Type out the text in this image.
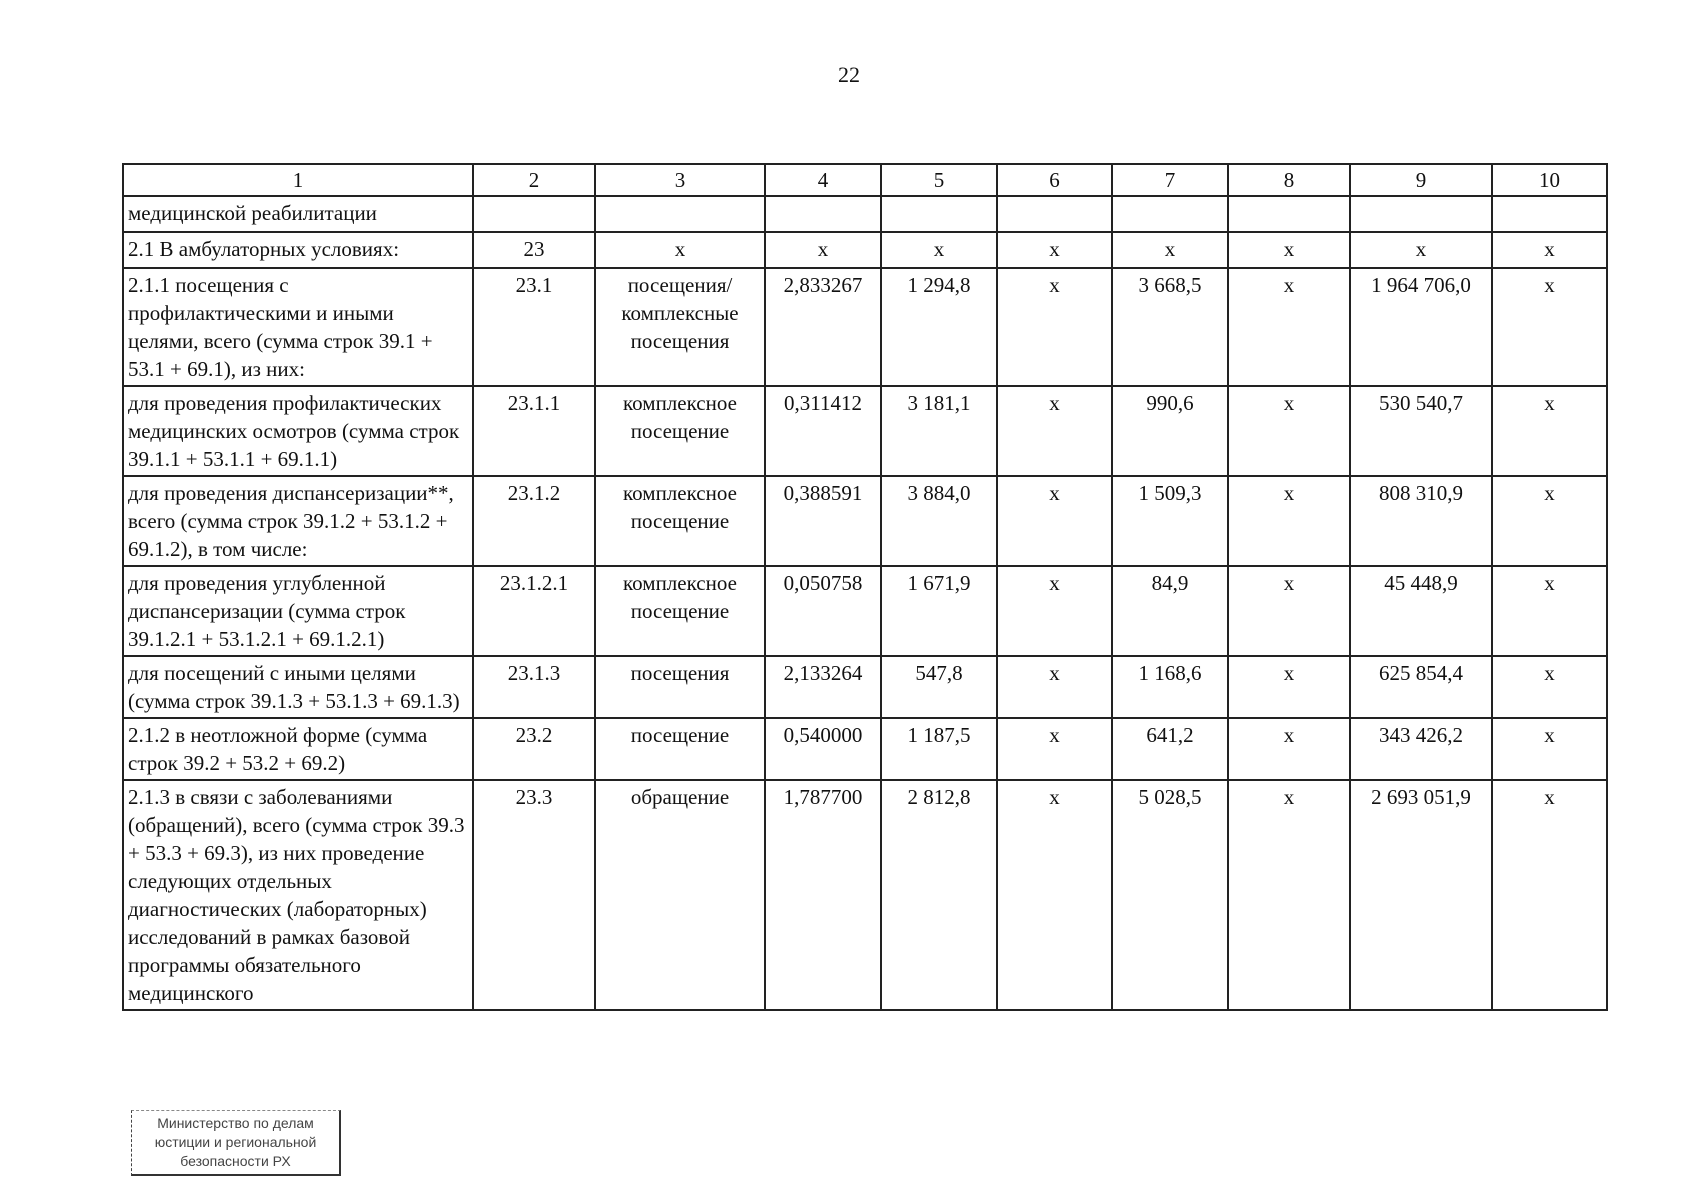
22
1	2	3	4	5	6	7	8	9	10
медицинской реабилитации									
2.1 В амбулаторных условиях:	23	х	х	х	х	х	х	х	х
2.1.1 посещения с профилактическими и иными целями, всего (сумма строк 39.1 + 53.1 + 69.1), из них:	23.1	посещения/ комплексные посещения	2,833267	1 294,8	х	3 668,5	х	1 964 706,0	х
для проведения профилактических медицинских осмотров (сумма строк 39.1.1 + 53.1.1 + 69.1.1)	23.1.1	комплексное посещение	0,311412	3 181,1	х	990,6	х	530 540,7	х
для проведения диспансеризации**, всего (сумма строк 39.1.2 + 53.1.2 + 69.1.2), в том числе:	23.1.2	комплексное посещение	0,388591	3 884,0	х	1 509,3	х	808 310,9	х
для проведения углубленной диспансеризации (сумма строк 39.1.2.1 + 53.1.2.1 + 69.1.2.1)	23.1.2.1	комплексное посещение	0,050758	1 671,9	х	84,9	х	45 448,9	х
для посещений с иными целями (сумма строк 39.1.3 + 53.1.3 + 69.1.3)	23.1.3	посещения	2,133264	547,8	х	1 168,6	х	625 854,4	х
2.1.2 в неотложной форме (сумма строк 39.2 + 53.2 + 69.2)	23.2	посещение	0,540000	1 187,5	х	641,2	х	343 426,2	х
2.1.3 в связи с заболеваниями (обращений), всего (сумма строк 39.3 + 53.3 + 69.3), из них проведение следующих отдельных диагностических (лабораторных) исследований в рамках базовой программы обязательного медицинского	23.3	обращение	1,787700	2 812,8	х	5 028,5	х	2 693 051,9	х
Министерство по делам
юстиции и региональной
безопасности РХ
